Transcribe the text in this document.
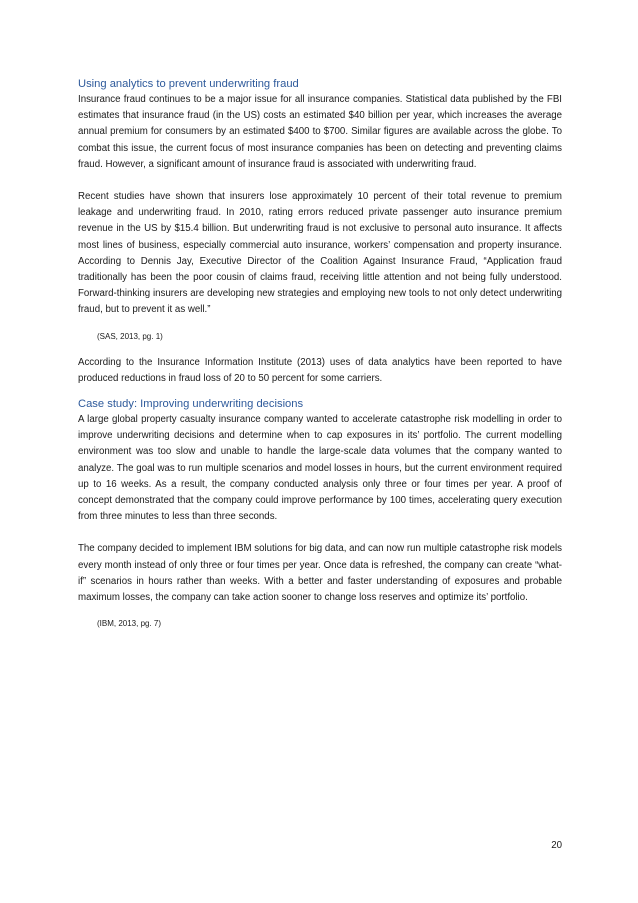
Using analytics to prevent underwriting fraud

Insurance fraud continues to be a major issue for all insurance companies. Statistical data published by the FBI estimates that insurance fraud (in the US) costs an estimated $40 billion per year, which increases the average annual premium for consumers by an estimated $400 to $700. Similar figures are available across the globe. To combat this issue, the current focus of most insurance companies has been on detecting and preventing claims fraud. However, a significant amount of insurance fraud is associated with underwriting fraud.

Recent studies have shown that insurers lose approximately 10 percent of their total revenue to premium leakage and underwriting fraud. In 2010, rating errors reduced private passenger auto insurance premium revenue in the US by $15.4 billion. But underwriting fraud is not exclusive to personal auto insurance. It affects most lines of business, especially commercial auto insurance, workers’ compensation and property insurance. According to Dennis Jay, Executive Director of the Coalition Against Insurance Fraud, “Application fraud traditionally has been the poor cousin of claims fraud, receiving little attention and not being fully understood. Forward-thinking insurers are developing new strategies and employing new tools to not only detect underwriting fraud, but to prevent it as well.”

(SAS, 2013, pg. 1)

According to the Insurance Information Institute (2013) uses of data analytics have been reported to have produced reductions in fraud loss of 20 to 50 percent for some carriers.

Case study: Improving underwriting decisions

A large global property casualty insurance company wanted to accelerate catastrophe risk modelling in order to improve underwriting decisions and determine when to cap exposures in its’ portfolio. The current modelling environment was too slow and unable to handle the large-scale data volumes that the company wanted to analyze. The goal was to run multiple scenarios and model losses in hours, but the current environment required up to 16 weeks. As a result, the company conducted analysis only three or four times per year. A proof of concept demonstrated that the company could improve performance by 100 times, accelerating query execution from three minutes to less than three seconds.

The company decided to implement IBM solutions for big data, and can now run multiple catastrophe risk models every month instead of only three or four times per year. Once data is refreshed, the company can create “what-if” scenarios in hours rather than weeks. With a better and faster understanding of exposures and probable maximum losses, the company can take action sooner to change loss reserves and optimize its’ portfolio.

(IBM, 2013, pg. 7)

20
